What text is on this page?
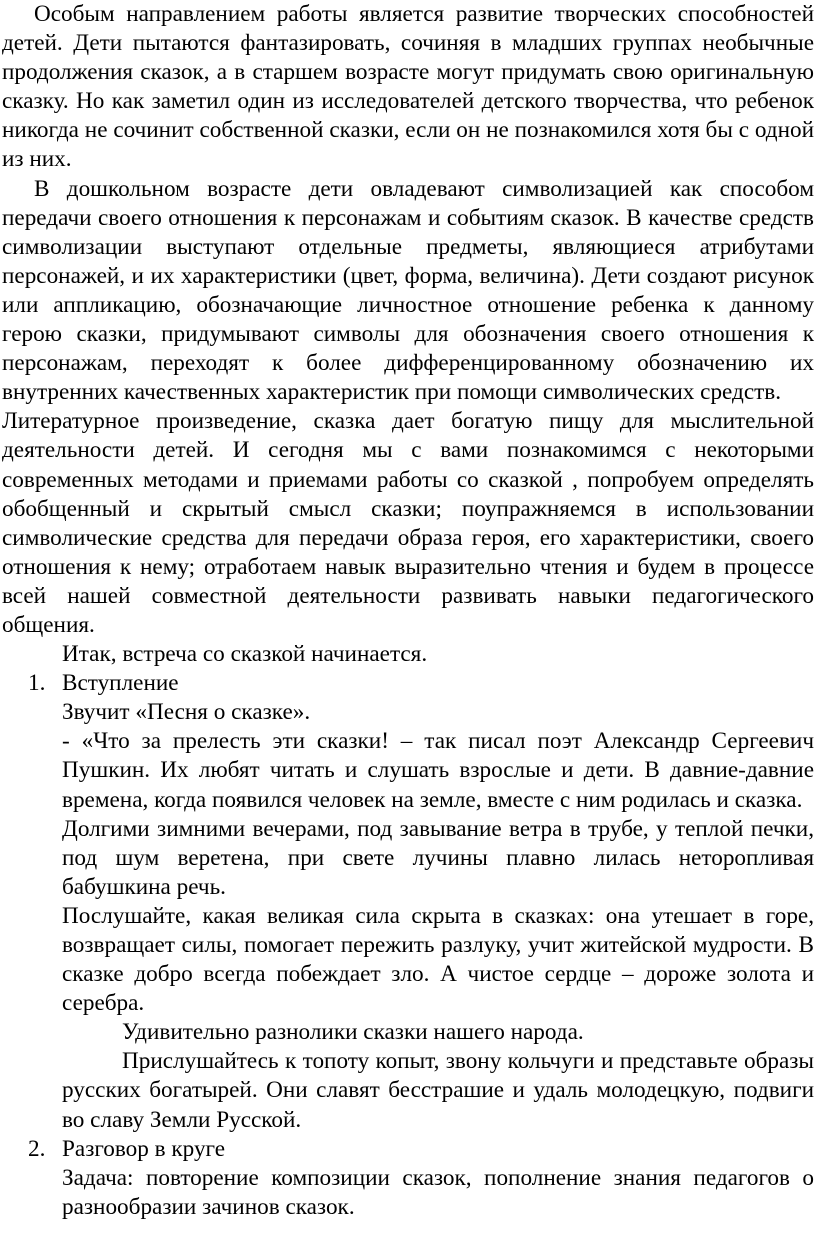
Особым направлением работы является развитие творческих способностей детей. Дети пытаются фантазировать, сочиняя в младших группах необычные продолжения сказок, а в старшем возрасте могут придумать свою оригинальную сказку. Но как заметил один из исследователей детского творчества, что ребенок никогда не сочинит собственной сказки, если он не познакомился хотя бы с одной из них.

В дошкольном возрасте дети овладевают символизацией как способом передачи своего отношения к персонажам и событиям сказок. В качестве средств символизации выступают отдельные предметы, являющиеся атрибутами персонажей, и их характеристики (цвет, форма, величина). Дети создают рисунок или аппликацию, обозначающие личностное отношение ребенка к данному герою сказки, придумывают символы для обозначения своего отношения к персонажам, переходят к более дифференцированному обозначению их внутренних качественных характеристик при помощи символических средств.

Литературное произведение, сказка дает богатую пищу для мыслительной деятельности детей. И сегодня мы с вами познакомимся с некоторыми современных методами и приемами работы со сказкой , попробуем определять обобщенный и скрытый смысл сказки; поупражняемся в использовании символические средства для передачи образа героя, его характеристики, своего отношения к нему; отработаем навык выразительно чтения и будем в процессе всей нашей совместной деятельности развивать навыки педагогического общения.

Итак, встреча со сказкой начинается.

1. Вступление

Звучит «Песня о сказке».

- «Что за прелесть эти сказки! – так писал поэт Александр Сергеевич Пушкин. Их любят читать и слушать взрослые и дети. В давние-давние времена, когда появился человек на земле, вместе с ним родилась и сказка.

Долгими зимними вечерами, под завывание ветра в трубе, у теплой печки, под шум веретена, при свете лучины плавно лилась неторопливая бабушкина речь.

Послушайте, какая великая сила скрыта в сказках: она утешает в горе, возвращает силы, помогает пережить разлуку, учит житейской мудрости. В сказке добро всегда побеждает зло. А чистое сердце – дороже золота и серебра.

Удивительно разнолики сказки нашего народа.

Прислушайтесь к топоту копыт, звону кольчуги и представьте образы русских богатырей. Они славят бесстрашие и удаль молодецкую, подвиги во славу Земли Русской.

2. Разговор в круге

Задача: повторение композиции сказок, пополнение знания педагогов о разнообразии зачинов сказок.
